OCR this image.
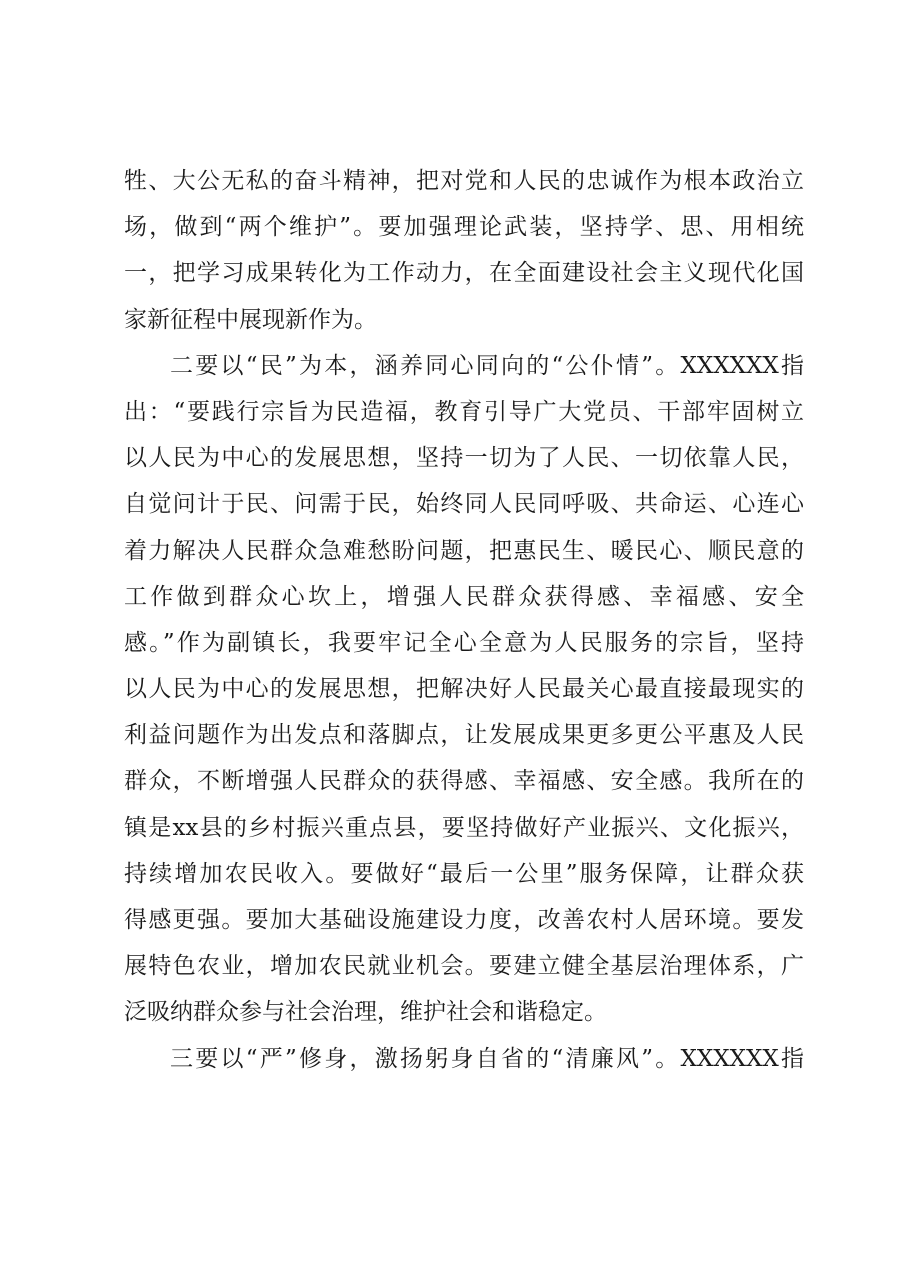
牲、大公无私的奋斗精神，把对党和人民的忠诚作为根本政治立
场，做到“两个维护”。要加强理论武装，坚持学、思、用相统
一，把学习成果转化为工作动力，在全面建设社会主义现代化国
家新征程中展现新作为。
二要以“民”为本，涵养同心同向的“公仆情”。XXXXXX指
出：“要践行宗旨为民造福，教育引导广大党员、干部牢固树立
以人民为中心的发展思想，坚持一切为了人民、一切依靠人民，
自觉问计于民、问需于民，始终同人民同呼吸、共命运、心连心
着力解决人民群众急难愁盼问题，把惠民生、暖民心、顺民意的
工作做到群众心坎上，增强人民群众获得感、幸福感、安全
感。”作为副镇长，我要牢记全心全意为人民服务的宗旨，坚持
以人民为中心的发展思想，把解决好人民最关心最直接最现实的
利益问题作为出发点和落脚点，让发展成果更多更公平惠及人民
群众，不断增强人民群众的获得感、幸福感、安全感。我所在的
镇是xx县的乡村振兴重点县，要坚持做好产业振兴、文化振兴，
持续增加农民收入。要做好“最后一公里”服务保障，让群众获
得感更强。要加大基础设施建设力度，改善农村人居环境。要发
展特色农业，增加农民就业机会。要建立健全基层治理体系，广
泛吸纳群众参与社会治理，维护社会和谐稳定。
三要以“严”修身，激扬躬身自省的“清廉风”。XXXXXX指
